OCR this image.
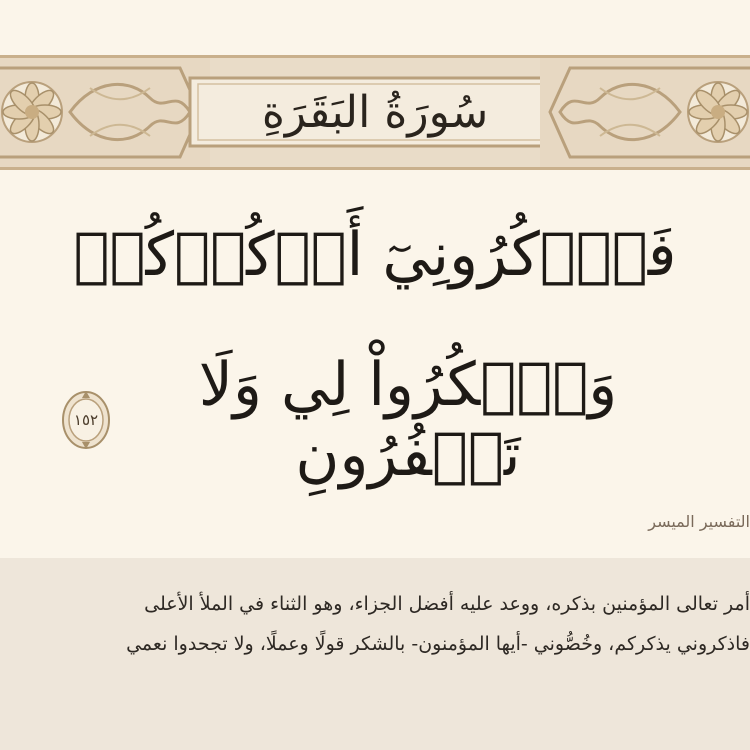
سُورَةُ البَقَرَةِ
فَٱذۡكُرُونِيٓ أَذۡكُرۡكُمۡ
وَٱشۡكُرُواْ لِي وَلَا تَكۡفُرُونِ
١٥٢
التفسير الميسر
أمر تعالى المؤمنين بذكره، ووعد عليه أفضل الجزاء، وهو الثناء في الملأ الأعلى
فاذكروني يذكركم، وخُصُّوني -أيها المؤمنون- بالشكر قولًا وعملًا، ولا تجحدوا نعمي
